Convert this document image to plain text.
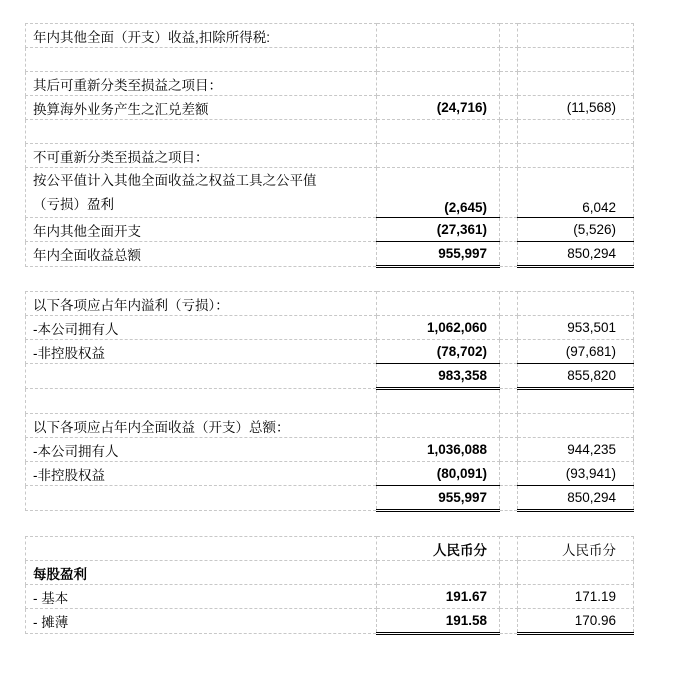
年内其他全面（开支）收益,扣除所得税:			

其后可重新分类至损益之项目：			
换算海外业务产生之汇兑差额	(24,716)		(11,568)

不可重新分类至损益之项目：			

按公平值计入其他全面收益之权益工具之公平值
（亏损）盈利	(2,645)		6,042
年内其他全面开支	(27,361)		(5,526)
年内全面收益总额	955,997		850,294
以下各项应占年内溢利（亏损）：			
-本公司拥有人	1,062,060		953,501
-非控股权益	(78,702)		(97,681)
	983,358		855,820

以下各项应占年内全面收益（开支）总额：			
-本公司拥有人	1,036,088		944,235
-非控股权益	(80,091)		(93,941)
	955,997		850,294
	人民币分		人民币分
每股盈利			
- 基本	191.67		171.19
- 摊薄	191.58		170.96
